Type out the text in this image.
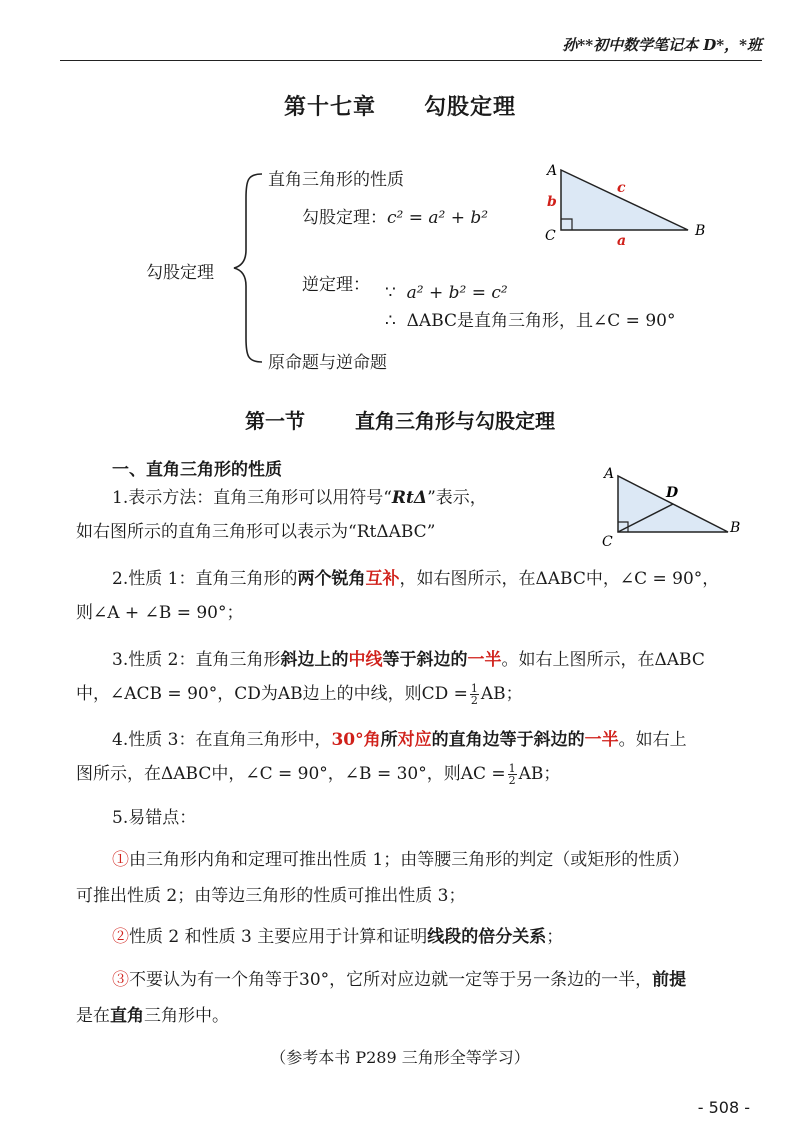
孙**初中数学笔记本 D*，*班
第十七章 勾股定理
勾股定理
直角三角形的性质
勾股定理：c² = a² + b²
逆定理： ∵ a² + b² = c²
∴ ΔABC是直角三角形，且∠C = 90°
原命题与逆命题
A
C	B
c
b
a
第一节	直角三角形与勾股定理
一、直角三角形的性质	A
C
B
D
1.表示方法：直角三角形可以用符号“RtΔ”表示，
如右图所示的直角三角形可以表示为“RtΔABC”
2.性质 1：直角三角形的两个锐角互补，如右图所示，在ΔABC中，∠C = 90°，
则∠A + ∠B = 90°；
3.性质 2：直角三角形斜边上的中线等于斜边的一半。如右上图所示，在ΔABC
中，∠ACB = 90°，CD为AB边上的中线，则CD = $\frac{1}{2}$ AB；
4.性质 3：在直角三角形中，30°角所对应的直角边等于斜边的一半。如右上
图所示，在ΔABC中，∠C = 90°，∠B = 30°，则AC = $\frac{1}{2}$ AB；
5.易错点：
①由三角形内角和定理可推出性质 1；由等腰三角形的判定（或矩形的性质）
可推出性质 2；由等边三角形的性质可推出性质 3；
②性质 2 和性质 3 主要应用于计算和证明线段的倍分关系；
③不要认为有一个角等于30°，它所对应边就一定等于另一条边的一半，前提
是在直角三角形中。
（参考本书 P289 三角形全等学习）
- 508 -
